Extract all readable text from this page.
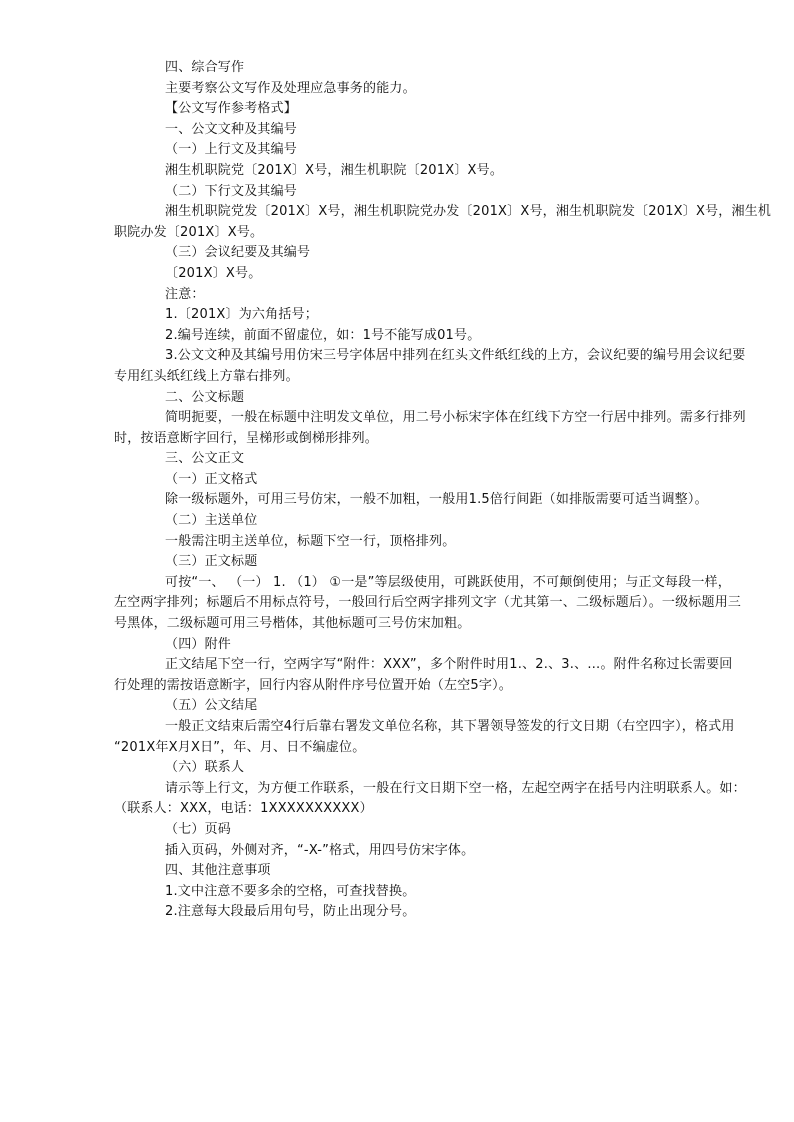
四、综合写作
主要考察公文写作及处理应急事务的能力。
【公文写作参考格式】
一、公文文种及其编号
（一）上行文及其编号
湘生机职院党〔201X〕X号，湘生机职院〔201X〕X号。
（二）下行文及其编号
湘生机职院党发〔201X〕X号，湘生机职院党办发〔201X〕X号，湘生机职院发〔201X〕X号，湘生机
职院办发〔201X〕X号。
（三）会议纪要及其编号
〔201X〕X号。
注意：
1.〔201X〕为六角括号；
2.编号连续，前面不留虚位，如：1号不能写成01号。
3.公文文种及其编号用仿宋三号字体居中排列在红头文件纸红线的上方，会议纪要的编号用会议纪要
专用红头纸红线上方靠右排列。
二、公文标题
简明扼要，一般在标题中注明发文单位，用二号小标宋字体在红线下方空一行居中排列。需多行排列
时，按语意断字回行，呈梯形或倒梯形排列。
三、公文正文
（一）正文格式
除一级标题外，可用三号仿宋，一般不加粗，一般用1.5倍行间距（如排版需要可适当调整）。
（二）主送单位
一般需注明主送单位，标题下空一行，顶格排列。
（三）正文标题
可按“一、 （一） 1. （1） ①一是”等层级使用，可跳跃使用，不可颠倒使用；与正文每段一样，
左空两字排列；标题后不用标点符号，一般回行后空两字排列文字（尤其第一、二级标题后）。一级标题用三
号黑体，二级标题可用三号楷体，其他标题可三号仿宋加粗。
（四）附件
正文结尾下空一行，空两字写“附件：XXX”，多个附件时用1.、2.、3.、…。附件名称过长需要回
行处理的需按语意断字，回行内容从附件序号位置开始（左空5字）。
（五）公文结尾
一般正文结束后需空4行后靠右署发文单位名称，其下署领导签发的行文日期（右空四字），格式用
“201X年X月X日”，年、月、日不编虚位。
（六）联系人
请示等上行文，为方便工作联系，一般在行文日期下空一格，左起空两字在括号内注明联系人。如：
（联系人：XXX，电话：1XXXXXXXXXX）
（七）页码
插入页码，外侧对齐，“-X-”格式，用四号仿宋字体。
四、其他注意事项
1.文中注意不要多余的空格，可查找替换。
2.注意每大段最后用句号，防止出现分号。
